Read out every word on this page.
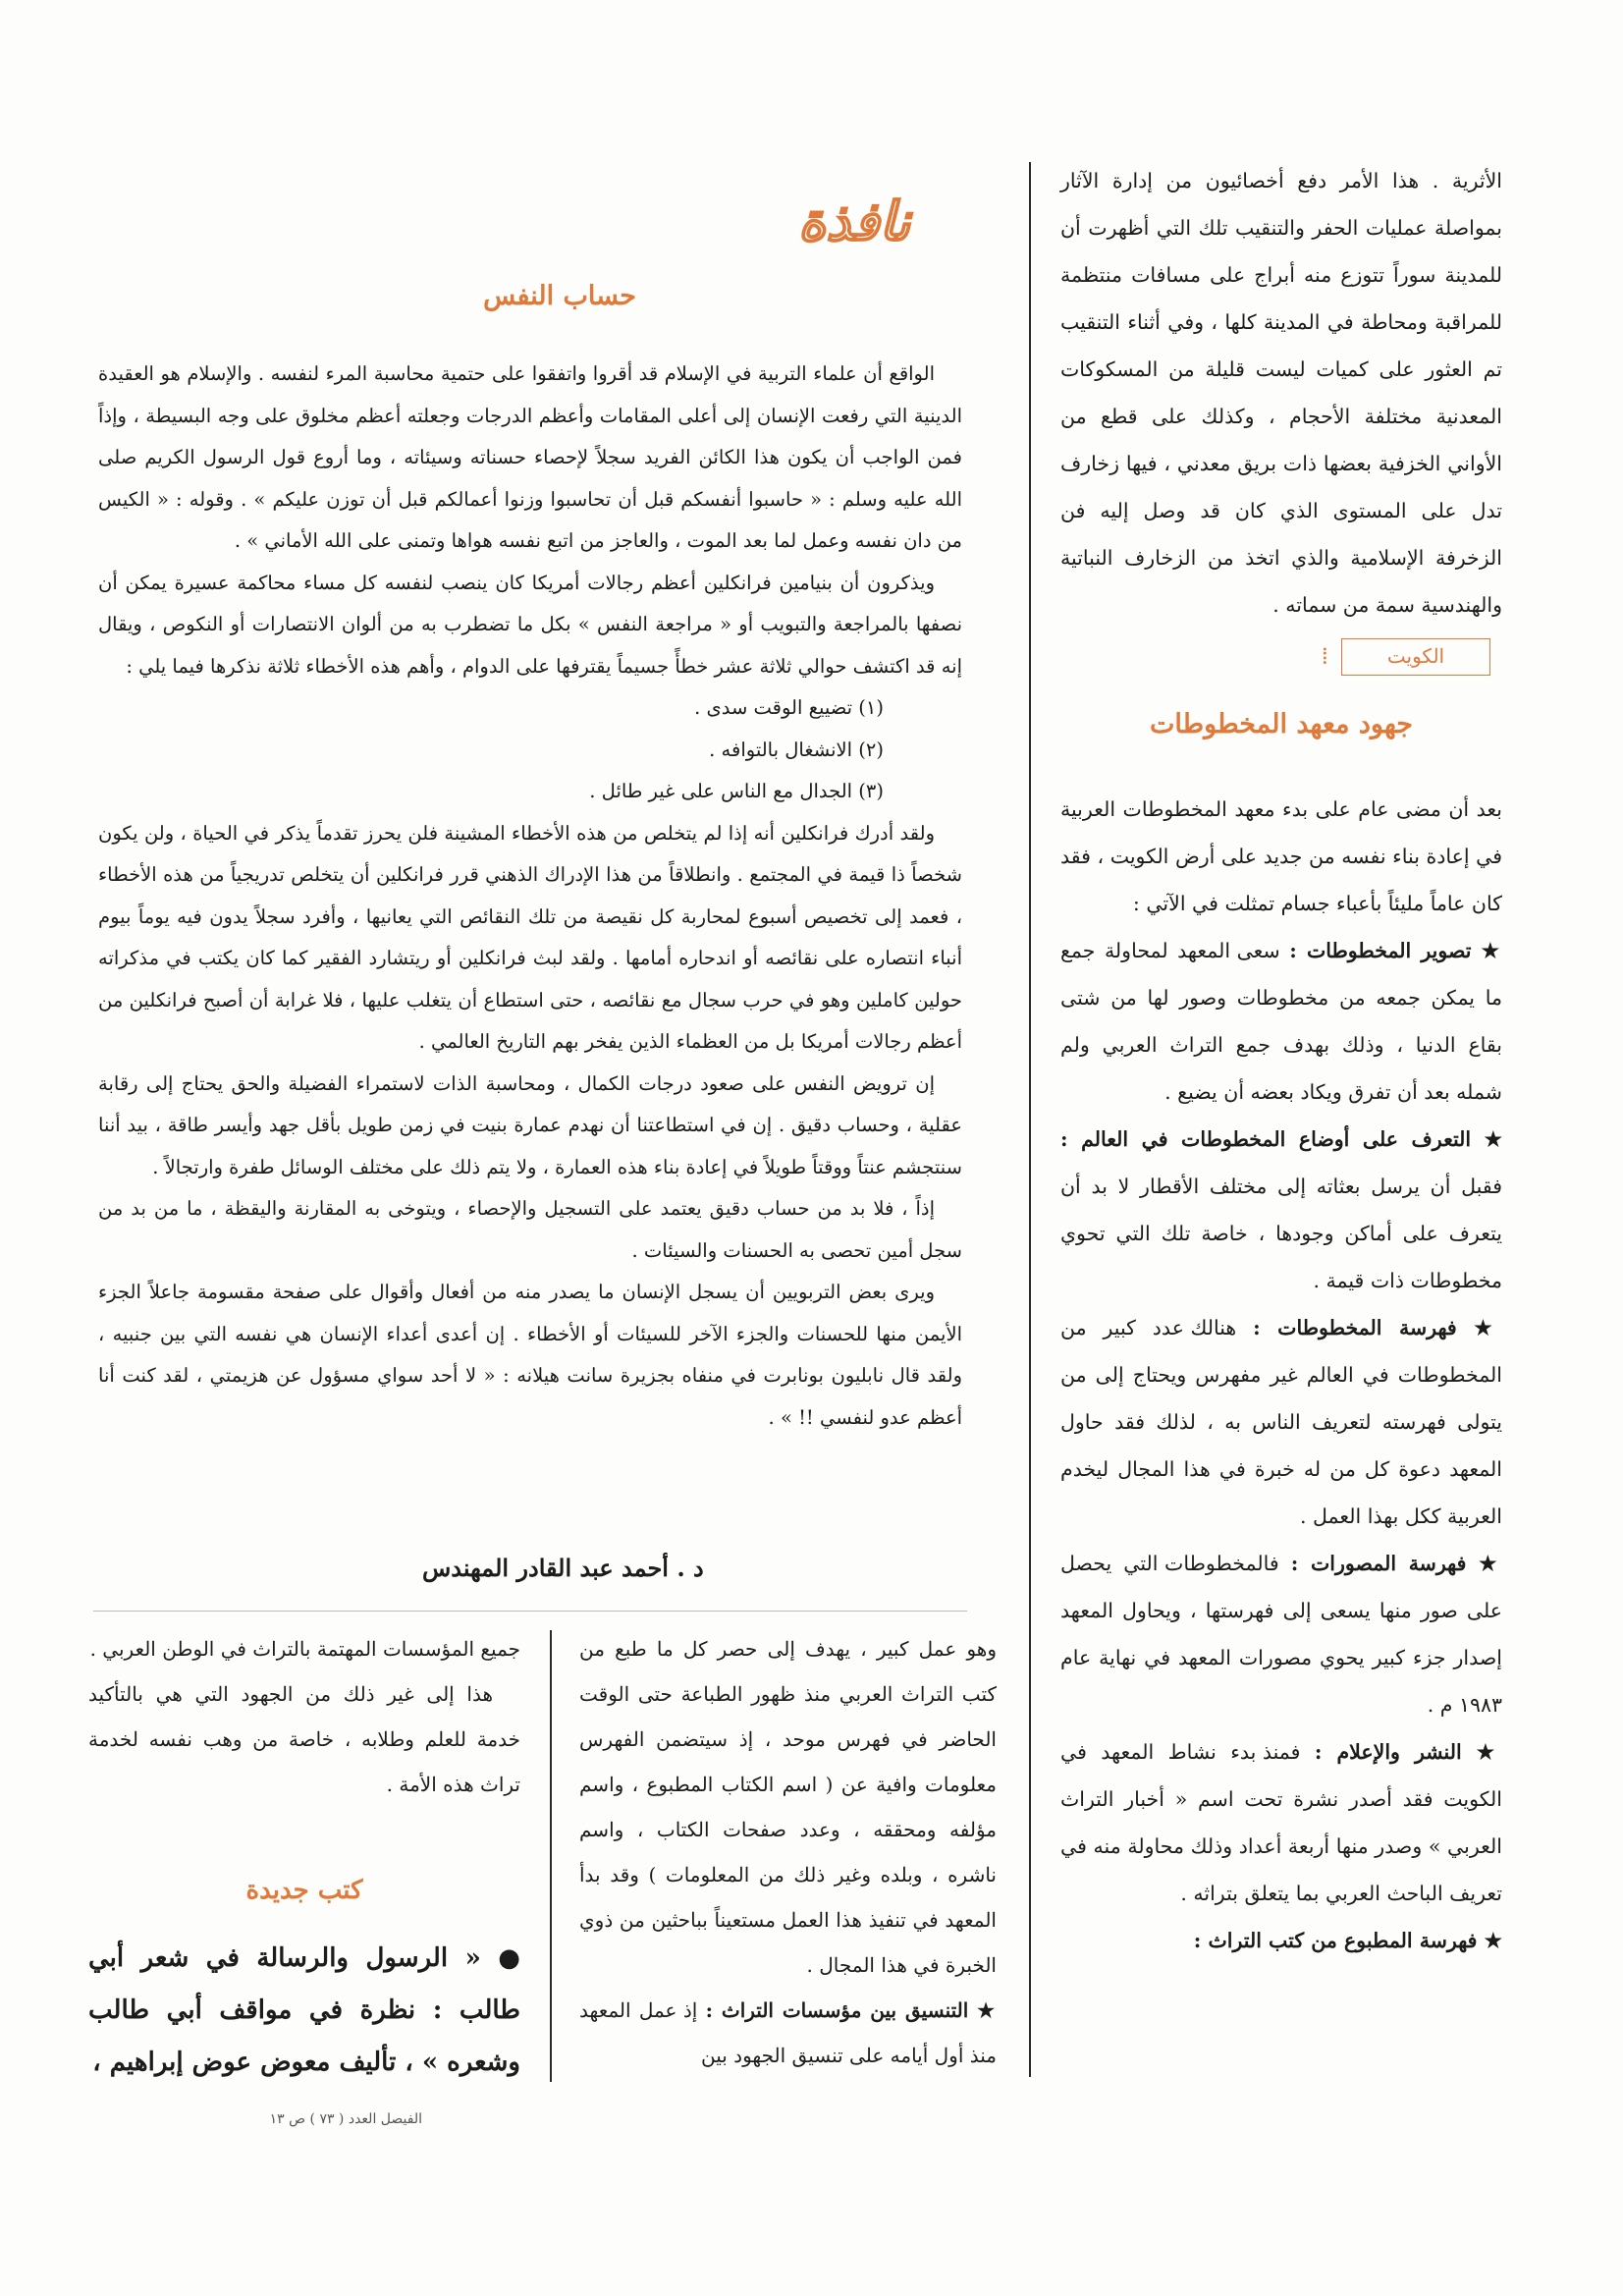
الأثرية . هذا الأمر دفع أخصائيون من إدارة الآثار بمواصلة عمليات الحفر والتنقيب تلك التي أظهرت أن للمدينة سوراً تتوزع منه أبراج على مسافات منتظمة للمراقبة ومحاطة في المدينة كلها ، وفي أثناء التنقيب تم العثور على كميات ليست قليلة من المسكوكات المعدنية مختلفة الأحجام ، وكذلك على قطع من الأواني الخزفية بعضها ذات بريق معدني ، فيها زخارف تدل على المستوى الذي كان قد وصل إليه فن الزخرفة الإسلامية والذي اتخذ من الزخارف النباتية والهندسية سمة من سماته .

الكويت
⁞
جهود معهد المخطوطات

بعد أن مضى عام على بدء معهد المخطوطات العربية في إعادة بناء نفسه من جديد على أرض الكويت ، فقد كان عاماً مليئاً بأعباء جسام تمثلت في الآتي :

★ تصوير المخطوطات : سعى المعهد لمحاولة جمع ما يمكن جمعه من مخطوطات وصور لها من شتى بقاع الدنيا ، وذلك بهدف جمع التراث العربي ولم شمله بعد أن تفرق ويكاد بعضه أن يضيع .

★ التعرف على أوضاع المخطوطات في العالم : فقبل أن يرسل بعثاته إلى مختلف الأقطار لا بد أن يتعرف على أماكن وجودها ، خاصة تلك التي تحوي مخطوطات ذات قيمة .

★ فهرسة المخطوطات : هنالك عدد كبير من المخطوطات في العالم غير مفهرس ويحتاج إلى من يتولى فهرسته لتعريف الناس به ، لذلك فقد حاول المعهد دعوة كل من له خبرة في هذا المجال ليخدم العربية ككل بهذا العمل .

★ فهرسة المصورات : فالمخطوطات التي يحصل على صور منها يسعى إلى فهرستها ، ويحاول المعهد إصدار جزء كبير يحوي مصورات المعهد في نهاية عام ١٩٨٣ م .

★ النشر والإعلام : فمنذ بدء نشاط المعهد في الكويت فقد أصدر نشرة تحت اسم « أخبار التراث العربي » وصدر منها أربعة أعداد وذلك محاولة منه في تعريف الباحث العربي بما يتعلق بتراثه .

★ فهرسة المطبوع من كتب التراث :

نافذة
حساب النفس

الواقع أن علماء التربية في الإسلام قد أقروا واتفقوا على حتمية محاسبة المرء لنفسه . والإسلام هو العقيدة الدينية التي رفعت الإنسان إلى أعلى المقامات وأعظم الدرجات وجعلته أعظم مخلوق على وجه البسيطة ، وإذاً فمن الواجب أن يكون هذا الكائن الفريد سجلاً لإحصاء حسناته وسيئاته ، وما أروع قول الرسول الكريم صلى الله عليه وسلم : « حاسبوا أنفسكم قبل أن تحاسبوا وزنوا أعمالكم قبل أن توزن عليكم » . وقوله : « الكيس من دان نفسه وعمل لما بعد الموت ، والعاجز من اتبع نفسه هواها وتمنى على الله الأماني » .

ويذكرون أن بنيامين فرانكلين أعظم رجالات أمريكا كان ينصب لنفسه كل مساء محاكمة عسيرة يمكن أن نصفها بالمراجعة والتبويب أو « مراجعة النفس » بكل ما تضطرب به من ألوان الانتصارات أو النكوص ، ويقال إنه قد اكتشف حوالي ثلاثة عشر خطأً جسيماً يقترفها على الدوام ، وأهم هذه الأخطاء ثلاثة نذكرها فيما يلي :

(١) تضييع الوقت سدى .

(٢) الانشغال بالتوافه .

(٣) الجدال مع الناس على غير طائل .

ولقد أدرك فرانكلين أنه إذا لم يتخلص من هذه الأخطاء المشينة فلن يحرز تقدماً يذكر في الحياة ، ولن يكون شخصاً ذا قيمة في المجتمع . وانطلاقاً من هذا الإدراك الذهني قرر فرانكلين أن يتخلص تدريجياً من هذه الأخطاء ، فعمد إلى تخصيص أسبوع لمحاربة كل نقيصة من تلك النقائص التي يعانيها ، وأفرد سجلاً يدون فيه يوماً بيوم أنباء انتصاره على نقائصه أو اندحاره أمامها . ولقد لبث فرانكلين أو ريتشارد الفقير كما كان يكتب في مذكراته حولين كاملين وهو في حرب سجال مع نقائصه ، حتى استطاع أن يتغلب عليها ، فلا غرابة أن أصبح فرانكلين من أعظم رجالات أمريكا بل من العظماء الذين يفخر بهم التاريخ العالمي .

إن ترويض النفس على صعود درجات الكمال ، ومحاسبة الذات لاستمراء الفضيلة والحق يحتاج إلى رقابة عقلية ، وحساب دقيق . إن في استطاعتنا أن نهدم عمارة بنيت في زمن طويل بأقل جهد وأيسر طاقة ، بيد أننا سنتجشم عنتاً ووقتاً طويلاً في إعادة بناء هذه العمارة ، ولا يتم ذلك على مختلف الوسائل طفرة وارتجالاً .

إذاً ، فلا بد من حساب دقيق يعتمد على التسجيل والإحصاء ، ويتوخى به المقارنة واليقظة ، ما من بد من سجل أمين تحصى به الحسنات والسيئات .

ويرى بعض التربويين أن يسجل الإنسان ما يصدر منه من أفعال وأقوال على صفحة مقسومة جاعلاً الجزء الأيمن منها للحسنات والجزء الآخر للسيئات أو الأخطاء . إن أعدى أعداء الإنسان هي نفسه التي بين جنبيه ، ولقد قال نابليون بونابرت في منفاه بجزيرة سانت هيلانه : « لا أحد سواي مسؤول عن هزيمتي ، لقد كنت أنا أعظم عدو لنفسي !! » .

د . أحمد عبد القادر المهندس

وهو عمل كبير ، يهدف إلى حصر كل ما طبع من كتب التراث العربي منذ ظهور الطباعة حتى الوقت الحاضر في فهرس موحد ، إذ سيتضمن الفهرس معلومات وافية عن ( اسم الكتاب المطبوع ، واسم مؤلفه ومحققه ، وعدد صفحات الكتاب ، واسم ناشره ، وبلده وغير ذلك من المعلومات ) وقد بدأ المعهد في تنفيذ هذا العمل مستعيناً بباحثين من ذوي الخبرة في هذا المجال .

★ التنسيق بين مؤسسات التراث : إذ عمل المعهد منذ أول أيامه على تنسيق الجهود بين

جميع المؤسسات المهتمة بالتراث في الوطن العربي .

هذا إلى غير ذلك من الجهود التي هي بالتأكيد خدمة للعلم وطلابه ، خاصة من وهب نفسه لخدمة تراث هذه الأمة .

كتب جديدة

● « الرسول والرسالة في شعر أبي طالب : نظرة في مواقف أبي طالب وشعره » ، تأليف معوض عوض إبراهيم ،

الفيصل العدد ( ٧٣ ) ص ١٣
